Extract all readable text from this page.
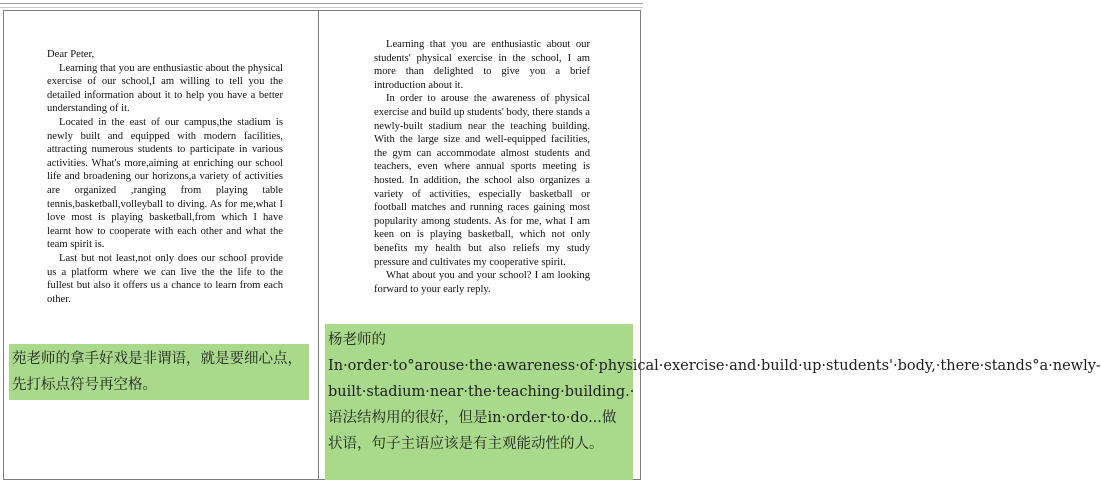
Dear Peter,

Learning that you are enthusiastic about the physical exercise of our school,I am willing to tell you the detailed information about it to help you have a better understanding of it.

Located in the east of our campus,the stadium is newly built and equipped with modern facilities, attracting numerous students to participate in various activities. What's more,aiming at enriching our school life and broadening our horizons,a variety of activities are organized ,ranging from playing table tennis,basketball,volleyball to diving. As for me,what I love most is playing basketball,from which I have learnt how to cooperate with each other and what the team spirit is.

Last but not least,not only does our school provide us a platform where we can live the the life to the fullest but also it offers us a chance to learn from each other.

Learning that you are enthusiastic about our students' physical exercise in the school, I am more than delighted to give you a brief introduction about it.

In order to arouse the awareness of physical exercise and build up students' body, there stands a newly-built stadium near the teaching building. With the large size and well-equipped facilities, the gym can accommodate almost students and teachers, even where annual sports meeting is hosted. In addition, the school also organizes a variety of activities, especially basketball or football matches and running races gaining most popularity among students. As for me, what I am keen on is playing basketball, which not only benefits my health but also reliefs my study pressure and cultivates my cooperative spirit.

What about you and your school? I am looking forward to your early reply.

苑老师的拿手好戏是非谓语，就是要细心点，先打标点符号再空格。
杨老师的In·order·to°arouse·the·awareness·of·physical·exercise·and·build·up·students'·body,·there·stands°a·newly-built·stadium·near·the·teaching·building.·语法结构用的很好，但是in·order·to·do...做状语，句子主语应该是有主观能动性的人。
